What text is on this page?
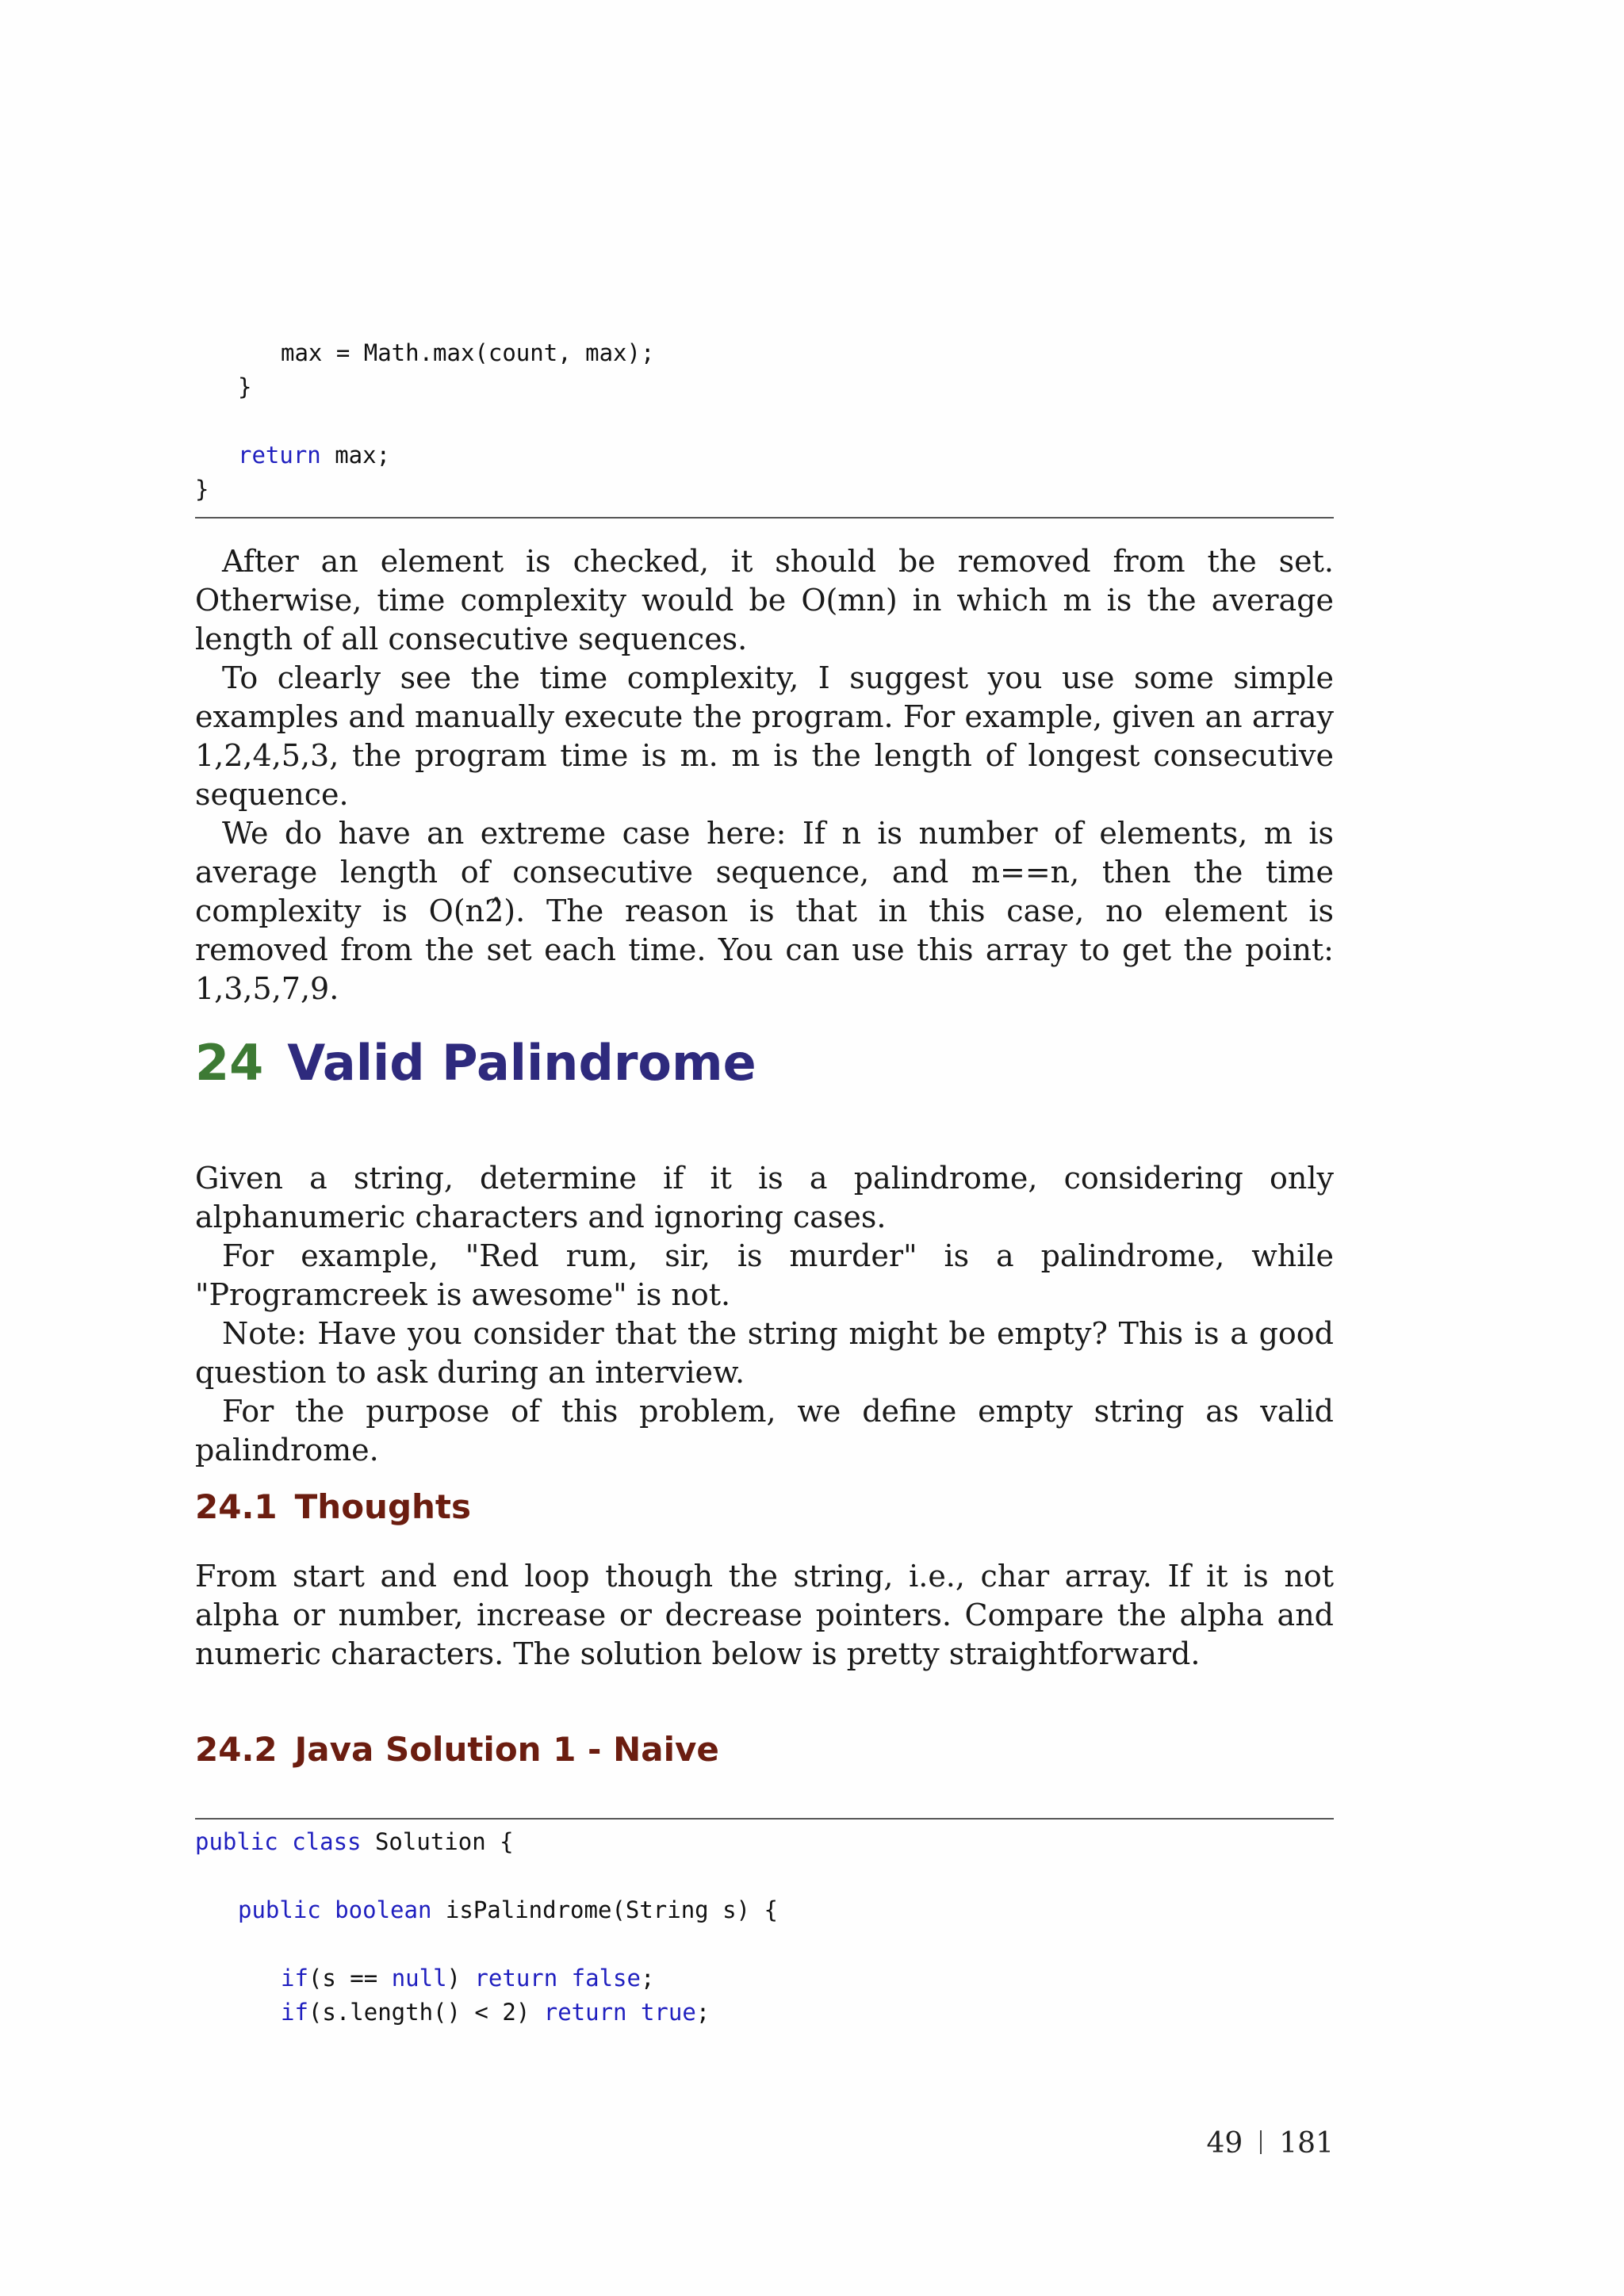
max = Math.max(count, max);
}
return max;
}

After an element is checked, it should be removed from the set. Otherwise, time complexity would be O(mn) in which m is the average length of all consecutive sequences.

To clearly see the time complexity, I suggest you use some simple examples and manually execute the program. For example, given an array 1,2,4,5,3, the program time is m. m is the length of longest consecutive sequence.

We do have an extreme case here: If n is number of elements, m is average length of consecutive sequence, and m==n, then the time complexity is O(n2̂). The reason is that in this case, no element is removed from the set each time. You can use this array to get the point: 1,3,5,7,9.

24 Valid Palindrome

Given a string, determine if it is a palindrome, considering only alphanumeric characters and ignoring cases.

For example, "Red rum, sir, is murder" is a palindrome, while "Programcreek is awesome" is not.

Note: Have you consider that the string might be empty? This is a good question to ask during an interview.

For the purpose of this problem, we define empty string as valid palindrome.

24.1 Thoughts

From start and end loop though the string, i.e., char array. If it is not alpha or number, increase or decrease pointers. Compare the alpha and numeric characters. The solution below is pretty straightforward.

24.2 Java Solution 1 - Naive
public class Solution {
public boolean isPalindrome(String s) {
if(s == null) return false;
if(s.length() < 2) return true;
49 181
